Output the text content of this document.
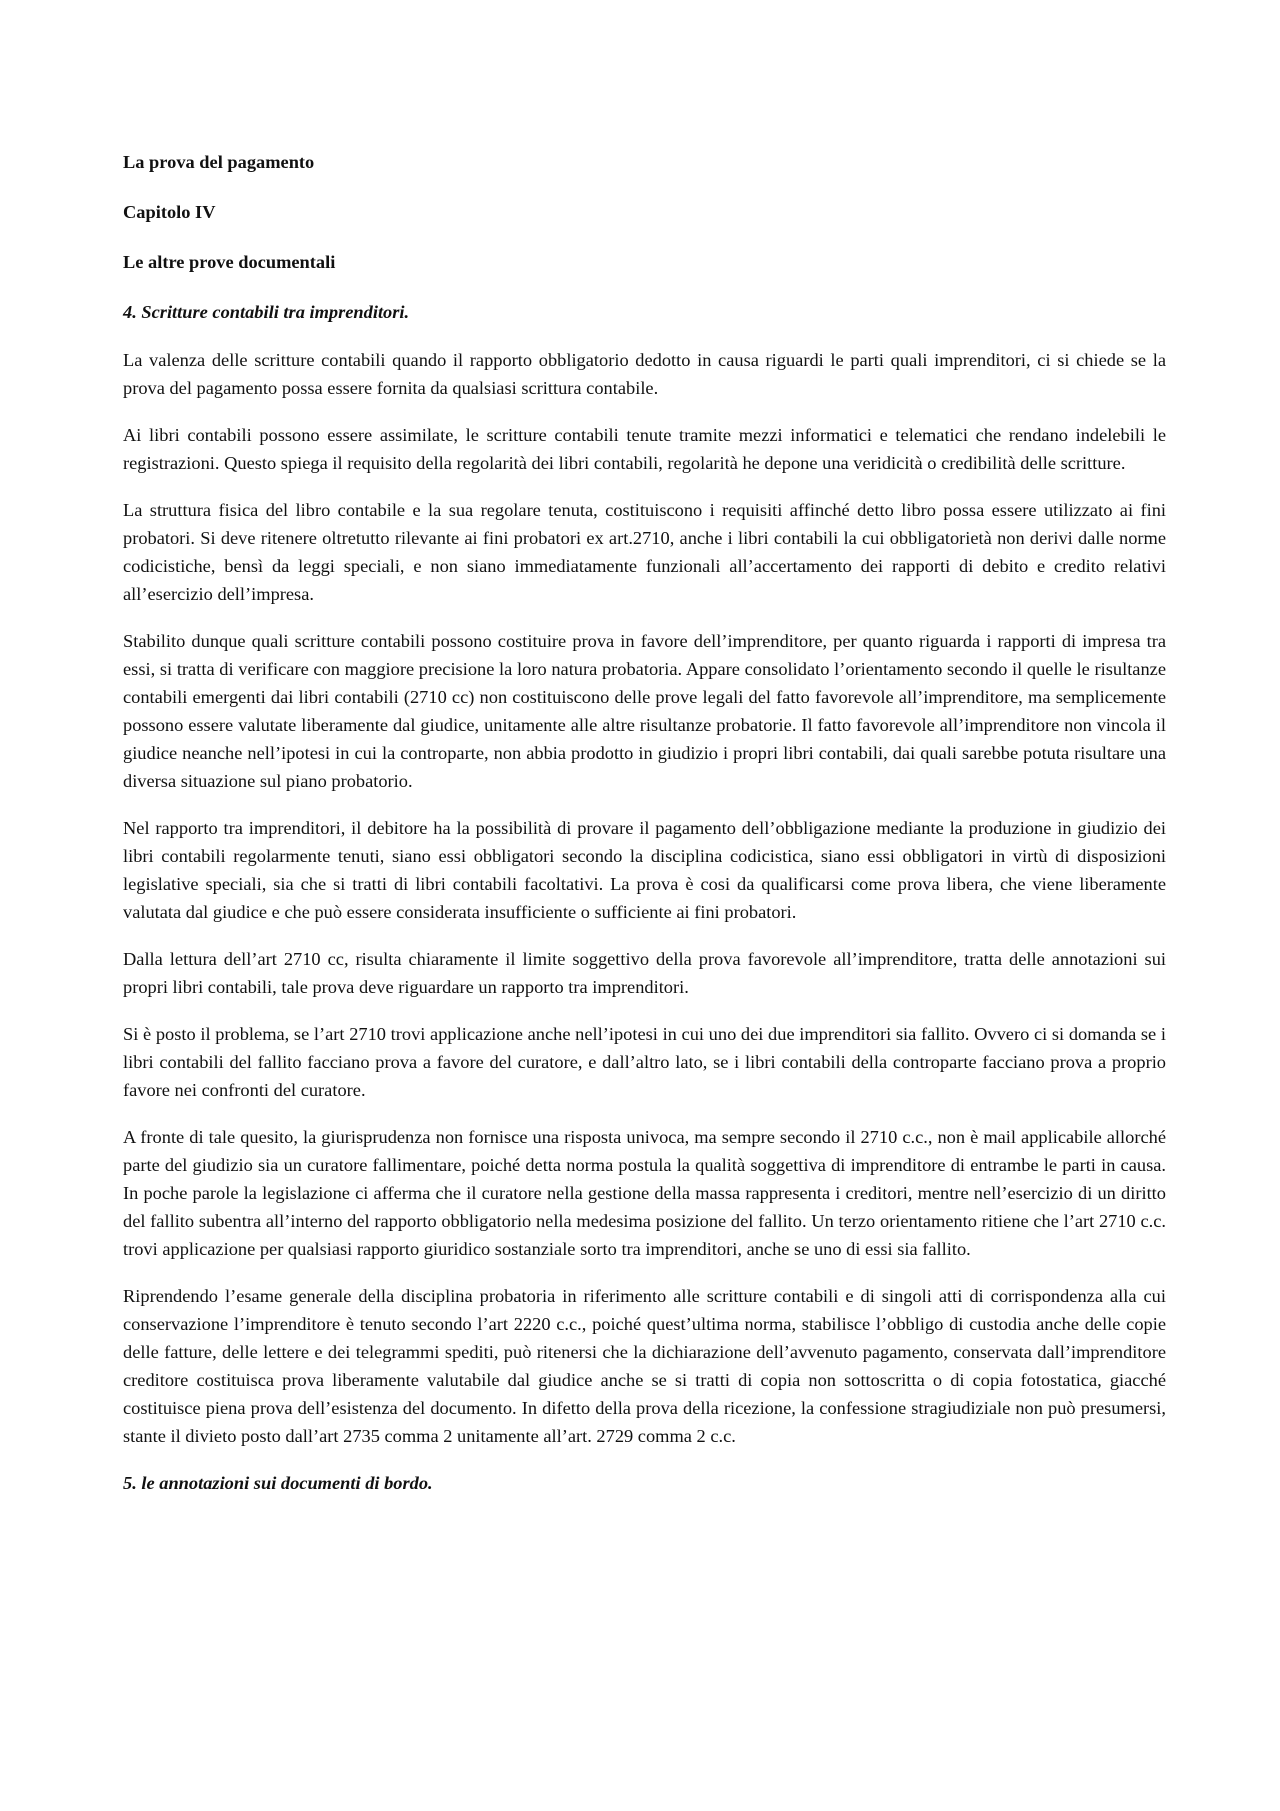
La prova del pagamento
Capitolo IV
Le altre prove documentali
4. Scritture contabili tra imprenditori.

La valenza delle scritture contabili quando il rapporto obbligatorio dedotto in causa riguardi le parti quali imprenditori, ci si chiede se la prova del pagamento possa essere fornita da qualsiasi scrittura contabile.

Ai libri contabili possono essere assimilate, le scritture contabili tenute tramite mezzi informatici e telematici che rendano indelebili le registrazioni. Questo spiega il requisito della regolarità dei libri contabili, regolarità he depone una veridicità o credibilità delle scritture.

La struttura fisica del libro contabile e la sua regolare tenuta, costituiscono i requisiti affinché detto libro possa essere utilizzato ai fini probatori. Si deve ritenere oltretutto rilevante ai fini probatori ex art.2710, anche i libri contabili la cui obbligatorietà non derivi dalle norme codicistiche, bensì da leggi speciali, e non siano immediatamente funzionali all’accertamento dei rapporti di debito e credito relativi all’esercizio dell’impresa.

Stabilito dunque quali scritture contabili possono costituire prova in favore dell’imprenditore, per quanto riguarda i rapporti di impresa tra essi, si tratta di verificare con maggiore precisione la loro natura probatoria. Appare consolidato l’orientamento secondo il quelle le risultanze contabili emergenti dai libri contabili (2710 cc) non costituiscono delle prove legali del fatto favorevole all’imprenditore, ma semplicemente possono essere valutate liberamente dal giudice, unitamente alle altre risultanze probatorie. Il fatto favorevole all’imprenditore non vincola il giudice neanche nell’ipotesi in cui la controparte, non abbia prodotto in giudizio i propri libri contabili, dai quali sarebbe potuta risultare una diversa situazione sul piano probatorio.

Nel rapporto tra imprenditori, il debitore ha la possibilità di provare il pagamento dell’obbligazione mediante la produzione in giudizio dei libri contabili regolarmente tenuti, siano essi obbligatori secondo la disciplina codicistica, siano essi obbligatori in virtù di disposizioni legislative speciali, sia che si tratti di libri contabili facoltativi. La prova è cosi da qualificarsi come prova libera, che viene liberamente valutata dal giudice e che può essere considerata insufficiente o sufficiente ai fini probatori.

Dalla lettura dell’art 2710 cc, risulta chiaramente il limite soggettivo della prova favorevole all’imprenditore, tratta delle annotazioni sui propri libri contabili, tale prova deve riguardare un rapporto tra imprenditori.

Si è posto il problema, se l’art 2710 trovi applicazione anche nell’ipotesi in cui uno dei due imprenditori sia fallito. Ovvero ci si domanda se i libri contabili del fallito facciano prova a favore del curatore, e dall’altro lato, se i libri contabili della controparte facciano prova a proprio favore nei confronti del curatore.

A fronte di tale quesito, la giurisprudenza non fornisce una risposta univoca, ma sempre secondo il 2710 c.c., non è mail applicabile allorché parte del giudizio sia un curatore fallimentare, poiché detta norma postula la qualità soggettiva di imprenditore di entrambe le parti in causa. In poche parole la legislazione ci afferma che il curatore nella gestione della massa rappresenta i creditori, mentre nell’esercizio di un diritto del fallito subentra all’interno del rapporto obbligatorio nella medesima posizione del fallito. Un terzo orientamento ritiene che l’art 2710 c.c. trovi applicazione per qualsiasi rapporto giuridico sostanziale sorto tra imprenditori, anche se uno di essi sia fallito.

Riprendendo l’esame generale della disciplina probatoria in riferimento alle scritture contabili e di singoli atti di corrispondenza alla cui conservazione l’imprenditore è tenuto secondo l’art 2220 c.c., poiché quest’ultima norma, stabilisce l’obbligo di custodia anche delle copie delle fatture, delle lettere e dei telegrammi spediti, può ritenersi che la dichiarazione dell’avvenuto pagamento, conservata dall’imprenditore creditore costituisca prova liberamente valutabile dal giudice anche se si tratti di copia non sottoscritta o di copia fotostatica, giacché costituisce piena prova dell’esistenza del documento. In difetto della prova della ricezione, la confessione stragiudiziale non può presumersi, stante il divieto posto dall’art 2735 comma 2 unitamente all’art. 2729 comma 2 c.c.

5. le annotazioni sui documenti di bordo.
